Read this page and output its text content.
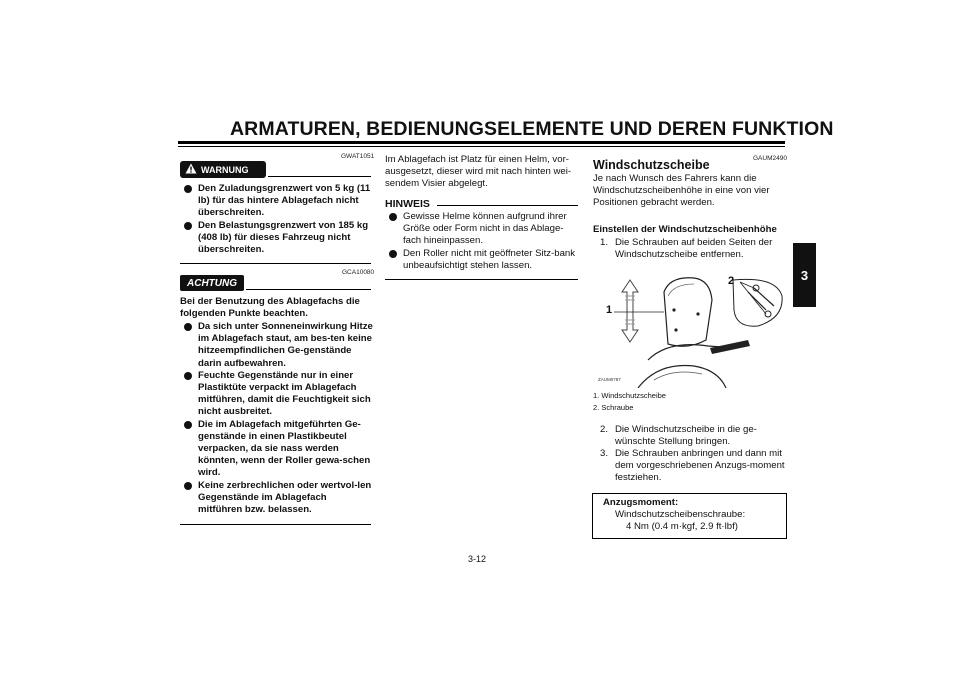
ARMATUREN, BEDIENUNGSELEMENTE UND DEREN FUNKTION
3
GWAT1051
WARNUNG
Den Zuladungsgrenzwert von 5 kg (11 lb) für das hintere Ablagefach nicht überschreiten.
Den Belastungsgrenzwert von 185 kg (408 lb) für dieses Fahrzeug nicht überschreiten.
GCA10080
ACHTUNG
Bei der Benutzung des Ablagefachs die folgenden Punkte beachten.
Da sich unter Sonneneinwirkung Hitze im Ablagefach staut, am bes-ten keine hitzeempfindlichen Ge-genstände darin aufbewahren.
Feuchte Gegenstände nur in einer Plastiktüte verpackt im Ablagefach mitführen, damit die Feuchtigkeit sich nicht ausbreitet.
Die im Ablagefach mitgeführten Ge-genstände in einen Plastikbeutel verpacken, da sie nass werden könnten, wenn der Roller gewa-schen wird.
Keine zerbrechlichen oder wertvol-len Gegenstände im Ablagefach mitführen bzw. belassen.
Im Ablagefach ist Platz für einen Helm, vor-ausgesetzt, dieser wird mit nach hinten wei-sendem Visier abgelegt.
HINWEIS
Gewisse Helme können aufgrund ihrer Größe oder Form nicht in das Ablage-fach hineinpassen.
Den Roller nicht mit geöffneter Sitz-bank unbeaufsichtigt stehen lassen.
GAUM2490
Windschutzscheibe
Je nach Wunsch des Fahrers kann die Windschutzscheibenhöhe in eine von vier Positionen gebracht werden.
Einstellen der Windschutzscheibenhöhe
1. Die Schrauben auf beiden Seiten der Windschutzscheibe entfernen.
1
2
ZAUM0787
1. Windschutzscheibe
2. Schraube
2. Die Windschutzscheibe in die ge-wünschte Stellung bringen.
3. Die Schrauben anbringen und dann mit dem vorgeschriebenen Anzugs-moment festziehen.
Anzugsmoment:
Windschutzscheibenschraube:
4 Nm (0.4 m·kgf, 2.9 ft·lbf)
3-12
